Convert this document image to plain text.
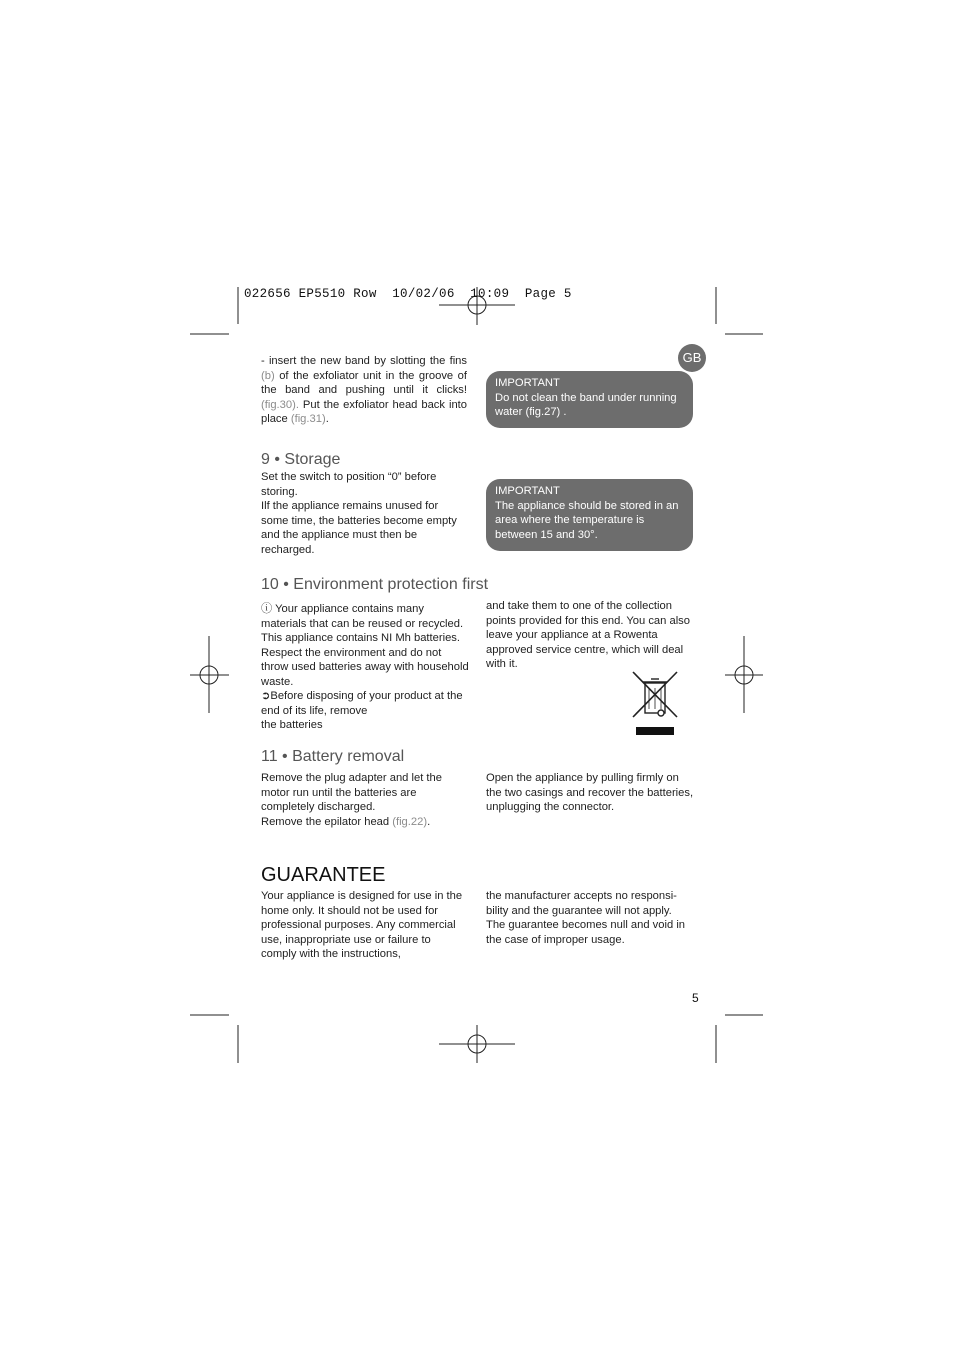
022656 EP5510 Row  10/02/06  10:09  Page 5
GB

- insert the new band by slotting the fins (b) of the exfoliator unit in the groove of the band and pushing until it clicks! (fig.30). Put the exfoliator head back into place (fig.31).

IMPORTANT
Do not clean the band under running water (fig.27) .
9 • Storage

Set the switch to position “0” before storing.

Ilf the appliance remains unused for some time, the batteries become empty and the appliance must then be recharged.

IMPORTANT
The appliance should be stored in an area where the temperature is between 15 and 30°.
10 • Environment protection first

ⓘ Your appliance contains many materials that can be reused or recycled. This appliance contains NI Mh batteries. Respect the environment and do not throw used batteries away with household waste.

➲Before disposing of your product at the end of its life, remove

the batteries

and take them to one of the collection points provided for this end. You can also leave your appliance at a Rowenta approved service centre, which will deal with it.

11 • Battery removal

Remove the plug adapter and let the motor run until the batteries are completely discharged.

Remove the epilator head (fig.22).

Open the appliance by pulling firmly on the two casings and recover the batteries, unplugging the connector.

GUARANTEE

Your appliance is designed for use in the home only. It should not be used for professional purposes. Any commercial use, inappropriate use or failure to comply with the instructions,

the manufacturer accepts no responsi-bility and the guarantee will not apply. The guarantee becomes null and void in the case of improper usage.

5
